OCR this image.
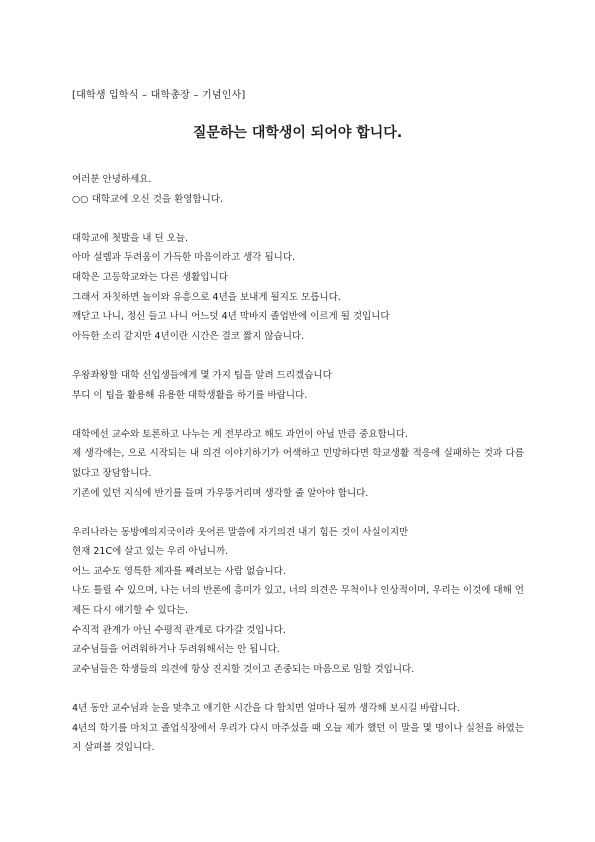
[대학생 입학식 – 대학총장 – 기념인사]
질문하는 대학생이 되어야 합니다.
여러분 안녕하세요.
○○ 대학교에 오신 것을 환영합니다.
대학교에 첫발을 내 딘 오늘.
아마 설렘과 두려움이 가득한 마음이라고 생각 됩니다.
대학은 고등학교와는 다른 생활입니다
그래서 자칫하면 놀이와 유흥으로 4년을 보내게 될지도 모릅니다.
깨닫고 나니, 정신 들고 나니 어느덧 4년 막바지 졸업반에 이르게 될 것입니다
아득한 소리 같지만 4년이란 시간은 결코 짧지 않습니다.
우왕좌왕할 대학 신입생들에게 몇 가지 팁을 알려 드리겠습니다
부디 이 팁을 활용해 유용한 대학생활을 하기를 바랍니다.
대학에선 교수와 토론하고 나누는 게 전부라고 해도 과언이 아닐 만큼 중요합니다.
제 생각에는, 으로 시작되는 내 의견 이야기하기가 어색하고 민망하다면 학교생활 적응에 실패하는 것과 다름없다고 장담합니다.
기존에 있던 지식에 반기를 들며 가우뚱거리며 생각할 줄 알아야 합니다.
우리나라는 동방예의지국이라 웃어른 말씀에 자기의견 내기 힘든 것이 사실이지만
현재 21C에 살고 있는 우리 아닙니까.
어느 교수도 영특한 제자를 째려보는 사람 없습니다.
나도 틀릴 수 있으며, 나는 너의 반론에 흥미가 있고, 너의 의견은 무척이나 인상적이며, 우리는 이것에 대해 언제든 다시 얘기할 수 있다는.
수직적 관계가 아닌 수평적 관계로 다가갈 것입니다.
교수님들을 어려워하거나 두려워해서는 안 됩니다.
교수님들은 학생들의 의견에 항상 진지할 것이고 존중되는 마음으로 임할 것입니다.
4년 동안 교수님과 눈을 맞추고 얘기한 시간을 다 합치면 얼마나 될까 생각해 보시길 바랍니다.
4년의 학기를 마치고 졸업식장에서 우리가 다시 마주섰을 때 오늘 제가 했던 이 말을 몇 명이나 실천을 하였는지 살펴볼 것입니다.
